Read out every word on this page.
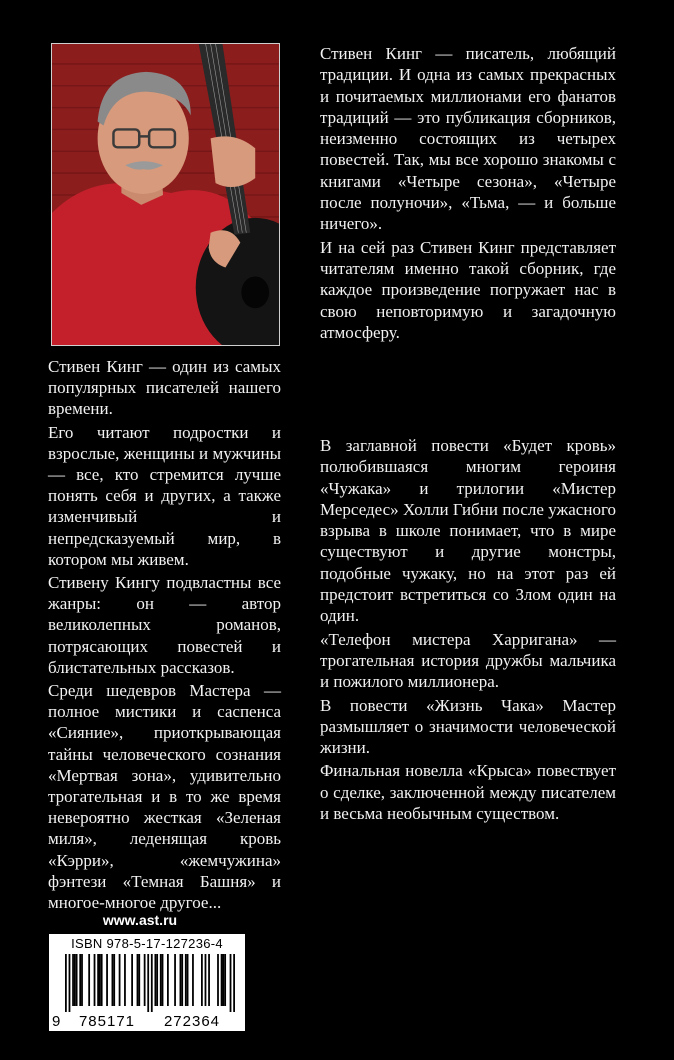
Стивен Кинг — один из самых популярных писателей нашего времени.

Его читают подростки и взрослые, женщины и мужчины — все, кто стремится лучше понять себя и других, а также изменчивый и непредсказуемый мир, в котором мы живем.

Стивену Кингу подвластны все жанры: он — автор великолепных романов, потрясающих повестей и блистательных рассказов.

Среди шедевров Мастера — полное мистики и саспенса «Сияние», приоткрывающая тайны человеческого сознания «Мертвая зона», удивительно трогательная и в то же время невероятно жесткая «Зеленая миля», леденящая кровь «Кэрри», «жемчужина» фэнтези «Темная Башня» и многое-многое другое...

Стивен Кинг — писатель, любящий традиции. И одна из самых прекрасных и почитаемых миллионами его фанатов традиций — это публикация сборников, неизменно состоящих из четырех повестей. Так, мы все хорошо знакомы с книгами «Четыре сезона», «Четыре после полуночи», «Тьма, — и больше ничего».

И на сей раз Стивен Кинг представляет читателям именно такой сборник, где каждое произведение погружает нас в свою неповторимую и загадочную атмосферу.

В заглавной повести «Будет кровь» полюбившаяся многим героиня «Чужака» и трилогии «Мистер Мерседес» Холли Гибни после ужасного взрыва в школе понимает, что в мире существуют и другие монстры, подобные чужаку, но на этот раз ей предстоит встретиться со Злом один на один.

«Телефон мистера Харригана» — трогательная история дружбы мальчика и пожилого миллионера.

В повести «Жизнь Чака» Мастер размышляет о значимости человеческой жизни.

Финальная новелла «Крыса» повествует о сделке, заключенной между писателем и весьма необычным существом.

www.ast.ru
ISBN 978-5-17-127236-4
9	785171	272364
